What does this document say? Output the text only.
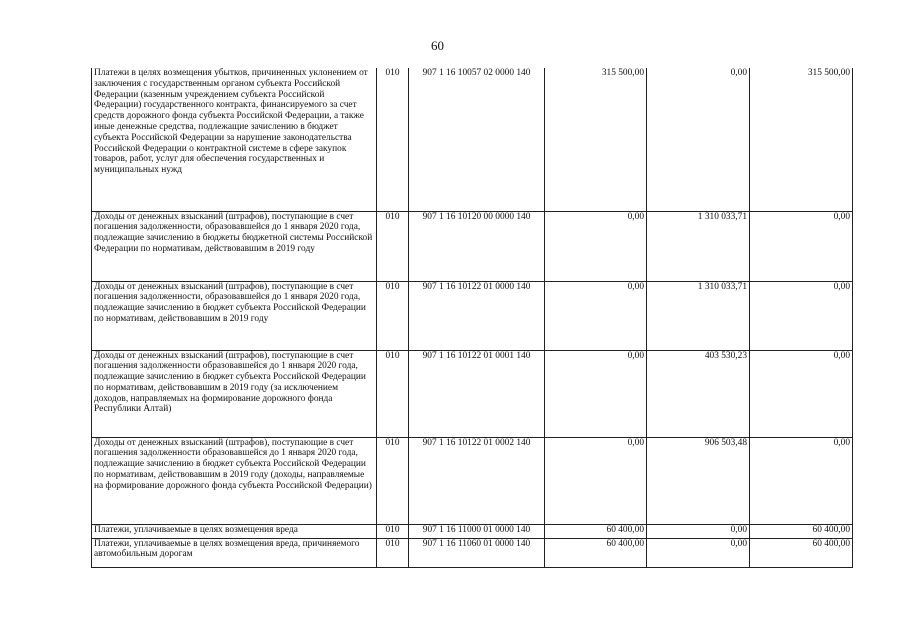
60
Платежи в целях возмещения убытков, причиненных уклонением от заключения с государственным органом субъекта Российской Федерации (казенным учреждением субъекта Российской Федерации) государственного контракта, финансируемого за счет средств дорожного фонда субъекта Российской Федерации, а также иные денежные средства, подлежащие зачислению в бюджет субъекта Российской Федерации за нарушение законодательства Российской Федерации о контрактной системе в сфере закупок товаров, работ, услуг для обеспечения государственных и муниципальных нужд	010	907 1 16 10057 02 0000 140	315 500,00	0,00	315 500,00
Доходы от денежных взысканий (штрафов), поступающие в счет погашения задолженности, образовавшейся до 1 января 2020 года, подлежащие зачислению в бюджеты бюджетной системы Российской Федерации по нормативам, действовавшим в 2019 году	010	907 1 16 10120 00 0000 140	0,00	1 310 033,71	0,00
Доходы от денежных взысканий (штрафов), поступающие в счет погашения задолженности, образовавшейся до 1 января 2020 года, подлежащие зачислению в бюджет субъекта Российской Федерации по нормативам, действовавшим в 2019 году	010	907 1 16 10122 01 0000 140	0,00	1 310 033,71	0,00
Доходы от денежных взысканий (штрафов), поступающие в счет погашения задолженности образовавшейся до 1 января 2020 года, подлежащие зачислению в бюджет субъекта Российской Федерации по нормативам, действовавшим в 2019 году (за исключением доходов, направляемых на формирование дорожного фонда Республики Алтай)	010	907 1 16 10122 01 0001 140	0,00	403 530,23	0,00
Доходы от денежных взысканий (штрафов), поступающие в счет погашения задолженности образовавшейся до 1 января 2020 года, подлежащие зачислению в бюджет субъекта Российской Федерации по нормативам, действовавшим в 2019 году (доходы, направляемые на формирование дорожного фонда субъекта Российской Федерации)	010	907 1 16 10122 01 0002 140	0,00	906 503,48	0,00
Платежи, уплачиваемые в целях возмещения вреда	010	907 1 16 11000 01 0000 140	60 400,00	0,00	60 400,00
Платежи, уплачиваемые в целях возмещения вреда, причиняемого автомобильным дорогам	010	907 1 16 11060 01 0000 140	60 400,00	0,00	60 400,00
